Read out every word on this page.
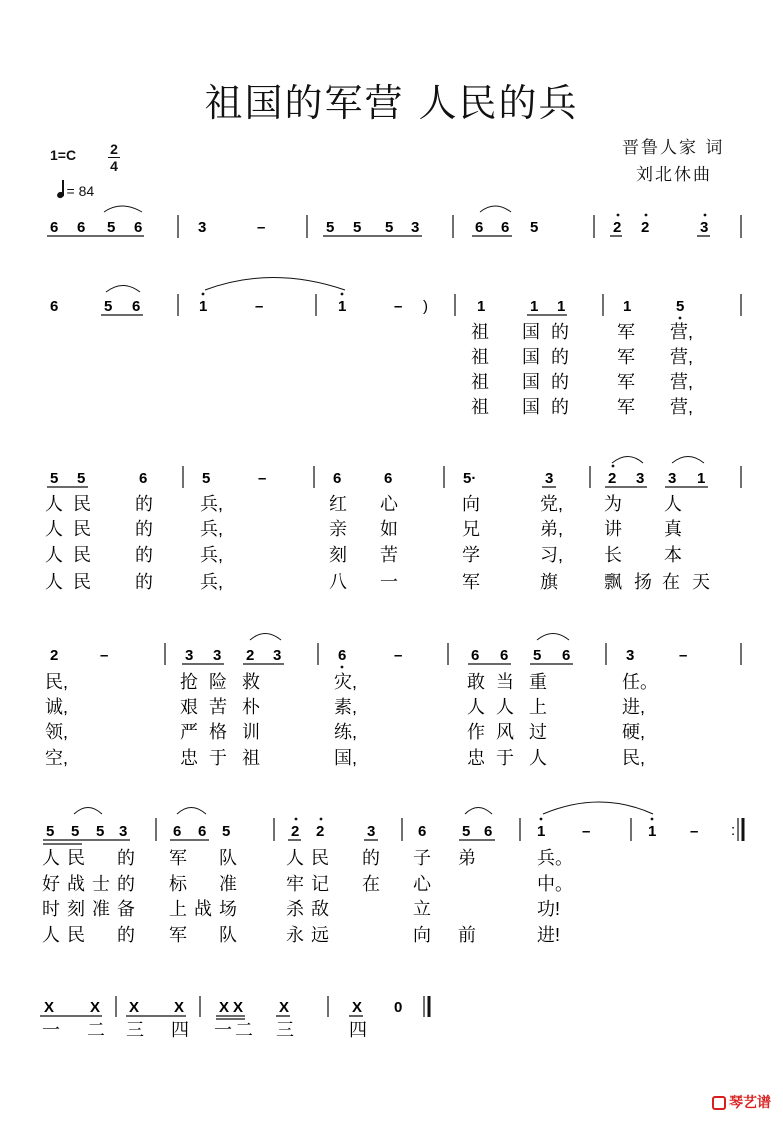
祖国的军营 人民的兵
晋鲁人家 词
刘北休曲
1=C 2
4
= 84
6 6 5 6	3	–	5 5 5 3	6 6 5	2 2	3
6	5 6	1	–	1	– )	1	1 1	1	5
祖 国 的	军 营,
祖 国 的	军 营,
祖 国 的	军 营,
祖 国 的	军 营,
5 5	6	5	–	6	6	5·	3	2 3 3 1
人 民 的	兵,	红 心	向	党, 为 人
人 民 的	兵,	亲 如	兄	弟, 讲 真
人 民 的	兵,	刻 苦	学	习, 长 本
人 民 的	兵,	八 一	军	旗	飘 扬 在 天
2	–	3 3 2 3	6	–	6 6 5 6	3	–
民,	抢 险 救	灾,	敢 当 重	任。
诚,	艰 苦 朴	素,	人 人 上	进,
领,	严 格 训	练,	作 风 过	硬,
空,	忠 于 祖	国,	忠 于 人	民,
5 5 5 3	6 6 5	2 2	3	6 5 6	1 –	1 – :
人 民 的 军 队	人 民 的 子 弟	兵。
好 战 士 的 标 准	牢 记 在 心	中。
时 刻 准 备 上 战 场	杀 敌	立	功!
人 民 的 军 队	永 远	向 前	进!
X X X X X X X	X 0
一 二 三 四 一 二 三	四
琴艺谱
